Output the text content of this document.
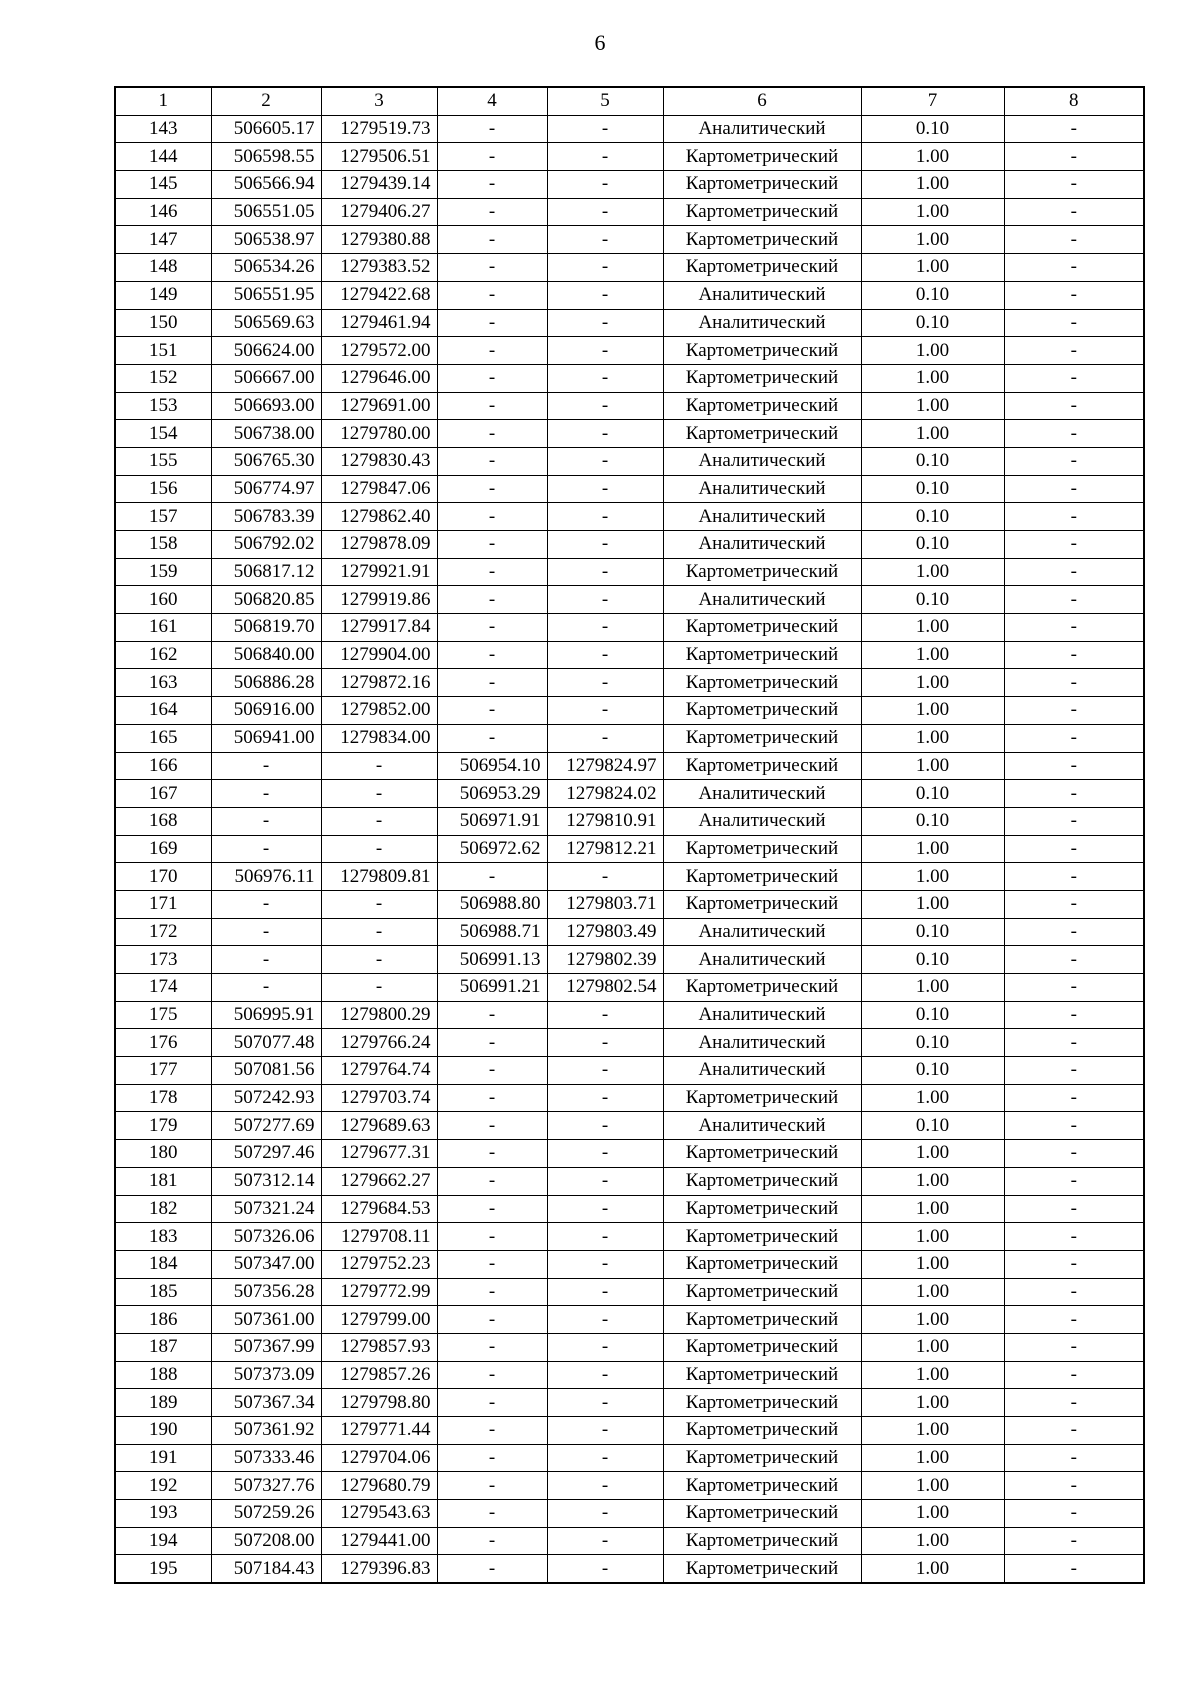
6
1	2	3	4	5	6	7	8
143	506605.17	1279519.73	-	-	Аналитический	0.10	-
144	506598.55	1279506.51	-	-	Картометрический	1.00	-
145	506566.94	1279439.14	-	-	Картометрический	1.00	-
146	506551.05	1279406.27	-	-	Картометрический	1.00	-
147	506538.97	1279380.88	-	-	Картометрический	1.00	-
148	506534.26	1279383.52	-	-	Картометрический	1.00	-
149	506551.95	1279422.68	-	-	Аналитический	0.10	-
150	506569.63	1279461.94	-	-	Аналитический	0.10	-
151	506624.00	1279572.00	-	-	Картометрический	1.00	-
152	506667.00	1279646.00	-	-	Картометрический	1.00	-
153	506693.00	1279691.00	-	-	Картометрический	1.00	-
154	506738.00	1279780.00	-	-	Картометрический	1.00	-
155	506765.30	1279830.43	-	-	Аналитический	0.10	-
156	506774.97	1279847.06	-	-	Аналитический	0.10	-
157	506783.39	1279862.40	-	-	Аналитический	0.10	-
158	506792.02	1279878.09	-	-	Аналитический	0.10	-
159	506817.12	1279921.91	-	-	Картометрический	1.00	-
160	506820.85	1279919.86	-	-	Аналитический	0.10	-
161	506819.70	1279917.84	-	-	Картометрический	1.00	-
162	506840.00	1279904.00	-	-	Картометрический	1.00	-
163	506886.28	1279872.16	-	-	Картометрический	1.00	-
164	506916.00	1279852.00	-	-	Картометрический	1.00	-
165	506941.00	1279834.00	-	-	Картометрический	1.00	-
166	-	-	506954.10	1279824.97	Картометрический	1.00	-
167	-	-	506953.29	1279824.02	Аналитический	0.10	-
168	-	-	506971.91	1279810.91	Аналитический	0.10	-
169	-	-	506972.62	1279812.21	Картометрический	1.00	-
170	506976.11	1279809.81	-	-	Картометрический	1.00	-
171	-	-	506988.80	1279803.71	Картометрический	1.00	-
172	-	-	506988.71	1279803.49	Аналитический	0.10	-
173	-	-	506991.13	1279802.39	Аналитический	0.10	-
174	-	-	506991.21	1279802.54	Картометрический	1.00	-
175	506995.91	1279800.29	-	-	Аналитический	0.10	-
176	507077.48	1279766.24	-	-	Аналитический	0.10	-
177	507081.56	1279764.74	-	-	Аналитический	0.10	-
178	507242.93	1279703.74	-	-	Картометрический	1.00	-
179	507277.69	1279689.63	-	-	Аналитический	0.10	-
180	507297.46	1279677.31	-	-	Картометрический	1.00	-
181	507312.14	1279662.27	-	-	Картометрический	1.00	-
182	507321.24	1279684.53	-	-	Картометрический	1.00	-
183	507326.06	1279708.11	-	-	Картометрический	1.00	-
184	507347.00	1279752.23	-	-	Картометрический	1.00	-
185	507356.28	1279772.99	-	-	Картометрический	1.00	-
186	507361.00	1279799.00	-	-	Картометрический	1.00	-
187	507367.99	1279857.93	-	-	Картометрический	1.00	-
188	507373.09	1279857.26	-	-	Картометрический	1.00	-
189	507367.34	1279798.80	-	-	Картометрический	1.00	-
190	507361.92	1279771.44	-	-	Картометрический	1.00	-
191	507333.46	1279704.06	-	-	Картометрический	1.00	-
192	507327.76	1279680.79	-	-	Картометрический	1.00	-
193	507259.26	1279543.63	-	-	Картометрический	1.00	-
194	507208.00	1279441.00	-	-	Картометрический	1.00	-
195	507184.43	1279396.83	-	-	Картометрический	1.00	-
